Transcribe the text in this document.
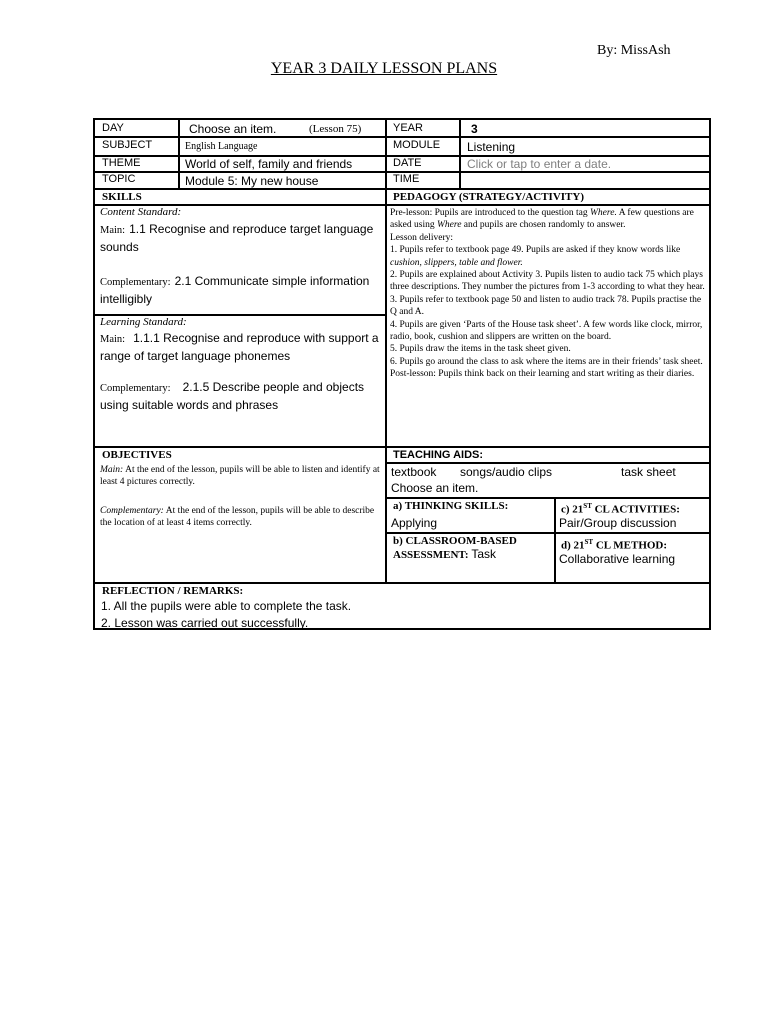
By: MissAsh
YEAR 3 DAILY LESSON PLANS
DAY	Choose an item.	(Lesson 75)	YEAR	3
SUBJECT	English Language	MODULE	Listening
THEME	World of self, family and friends	DATE	Click or tap to enter a date.
TOPIC	Module 5: My new house	TIME
SKILLS	PEDAGOGY (STRATEGY/ACTIVITY)
Content Standard:
Main: 1.1 Recognise and reproduce target language sounds
Complementary: 2.1 Communicate simple information intelligibly
Learning Standard:
Main: 1.1.1 Recognise and reproduce with support a range of target language phonemes
Complementary: 2.1.5 Describe people and objects using suitable words and phrases
Pre-lesson: Pupils are introduced to the question tag Where. A few questions are asked using Where and pupils are chosen randomly to answer.
Lesson delivery:
1. Pupils refer to textbook page 49. Pupils are asked if they know words like cushion, slippers, table and flower.
2. Pupils are explained about Activity 3. Pupils listen to audio tack 75 which plays three descriptions. They number the pictures from 1-3 according to what they hear.
3. Pupils refer to textbook page 50 and listen to audio track 78. Pupils practise the Q and A.
4. Pupils are given ‘Parts of the House task sheet’. A few words like clock, mirror, radio, book, cushion and slippers are written on the board.
5. Pupils draw the items in the task sheet given.
6. Pupils go around the class to ask where the items are in their friends’ task sheet.
Post-lesson: Pupils think back on their learning and start writing as their diaries.
OBJECTIVES
Main: At the end of the lesson, pupils will be able to listen and identify at least 4 pictures correctly.
Complementary: At the end of the lesson, pupils will be able to describe the location of at least 4 items correctly.
TEACHING AIDS:
textbook songs/audio clips	task sheet
Choose an item.
a) THINKING SKILLS:
Applying
c) 21ST CL ACTIVITIES:
Pair/Group discussion
b) CLASSROOM-BASED ASSESSMENT: Task
d) 21ST CL METHOD:
Collaborative learning
REFLECTION / REMARKS:
1. All the pupils were able to complete the task.
2. Lesson was carried out successfully.
